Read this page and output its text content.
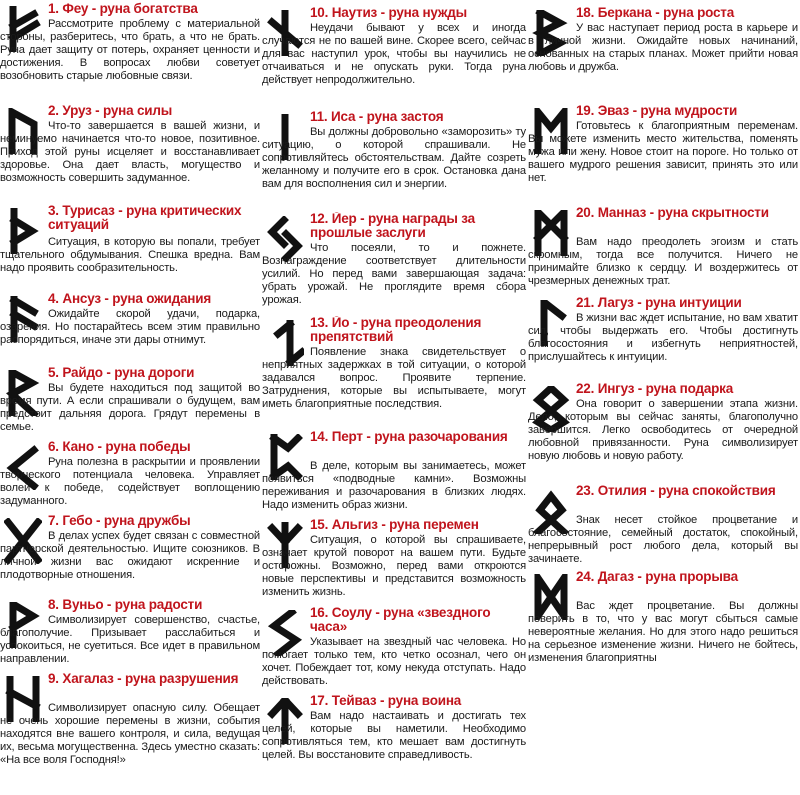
1. Феу - руна богатства
Рассмотрите проблему с материальной стороны, разберитесь, что брать, а что не брать. Руна дает защиту от потерь, охраняет ценности и достижения. В вопросах любви советует возобновить старые любовные связи.
2. Уруз - руна силы
Что-то завершается в вашей жизни, и неминуемо начинается что-то новое, позитивное. Приход этой руны исцеляет и восстанавливает здоровье. Она дает власть, могущество и возможность совершить задуманное.
3. Турисаз - руна критических ситуаций
Ситуация, в которую вы попали, требует тщательного обдумывания. Спешка вредна. Вам надо проявить сообразительность.
4. Ансуз - руна ожидания
Ожидайте скорой удачи, подарка, озарения. Но постарайтесь всем этим правильно распорядиться, иначе эти дары отнимут.
5. Райдо - руна дороги
Вы будете находиться под защитой во время пути. А если спрашивали о будущем, вам предстоит дальняя дорога. Грядут перемены в семье.
6. Кано - руна победы
Руна полезна в раскрытии и проявлении творческого потенциала человека. Управляет волей к победе, содействует воплощению задуманного.
7. Гебо - руна дружбы
В делах успех будет связан с совместной партнерской деятельностью. Ищите союзников. В личной жизни вас ожидают искренние и плодотворные отношения.
8. Вуньо - руна радости
Символизирует совершенство, счастье, благополучие. Призывает расслабиться и успокоиться, не суетиться. Все идет в правильном направлении.
9. Хагалаз - руна разрушения
Символизирует опасную силу. Обещает не очень хорошие перемены в жизни, события находятся вне вашего контроля, и сила, ведущая их, весьма могущественна. Здесь уместно сказать: «На все воля Господня!»
10. Наутиз - руна нужды
Неудачи бывают у всех и иногда случаются не по вашей вине. Скорее всего, сейчас для вас наступил урок, чтобы вы научились не отчаиваться и не опускать руки. Тогда руна действует непродолжительно.
11. Иса - руна застоя
Вы должны добровольно «заморозить» ту ситуацию, о которой спрашивали. Не сопротивляйтесь обстоятельствам. Дайте созреть желанному и получите его в срок. Остановка дана вам для восполнения сил и энергии.
12. Йер - руна награды за прошлые заслуги
Что посеяли, то и пожнете. Вознаграждение соответствует длительности усилий. Но перед вами завершающая задача: убрать урожай. Не проглядите время сбора урожая.
13. Йо - руна преодоления препятствий
Появление знака свидетельствует о неприятных задержках в той ситуации, о которой задавался вопрос. Проявите терпение. Затруднения, которые вы испытываете, могут иметь благоприятные последствия.
14. Перт - руна разочарования
В деле, которым вы занимаетесь, может появиться «подводные камни». Возможны переживания и разочарования в близких людях. Надо изменить образ жизни.
15. Альгиз - руна перемен
Ситуация, о которой вы спрашиваете, означает крутой поворот на вашем пути. Будьте осторожны. Возможно, перед вами откроются новые перспективы и представится возможность изменить жизнь.
16. Соулу - руна «звездного часа»
Указывает на звездный час человека. Но помогает только тем, кто четко осознал, чего он хочет. Побеждает тот, кому некуда отступать. Надо действовать.
17. Тейваз - руна воина
Вам надо настаивать и достигать тех целей, которые вы наметили. Необходимо сопротивляться тем, кто мешает вам достигнуть целей. Вы восстановите справедливость.
18. Беркана - руна роста
У вас наступает период роста в карьере и в личной жизни. Ожидайте новых начинаний, основанных на старых планах. Может прийти новая любовь и дружба.
19. Эваз - руна мудрости
Готовьтесь к благоприятным переменам. Вы можете изменить место жительства, поменять мужа или жену. Новое стоит на пороге. Но только от вашего мудрого решения зависит, принять это или нет.
20. Манназ - руна скрытности
Вам надо преодолеть эгоизм и стать скромным, тогда все получится. Ничего не принимайте близко к сердцу. И воздержитесь от чрезмерных денежных трат.
21. Лагуз - руна интуиции
В жизни вас ждет испытание, но вам хватит сил, чтобы выдержать его. Чтобы достигнуть благосостояния и избегнуть неприятностей, прислушайтесь к интуиции.
22. Ингуз - руна подарка
Она говорит о завершении этапа жизни. Дело, которым вы сейчас заняты, благополучно завершится. Легко освободитесь от очередной любовной привязанности. Руна символизирует новую любовь и новую работу.
23. Отилия - руна спокойствия
Знак несет стойкое процветание и благосостояние, семейный достаток, спокойный, непрерывный рост любого дела, который вы зачинаете.
24. Дагаз - руна прорыва
Вас ждет процветание. Вы должны поверить в то, что у вас могут сбыться самые невероятные желания. Но для этого надо решиться на серьезное изменение жизни. Ничего не бойтесь, изменения благоприятны
